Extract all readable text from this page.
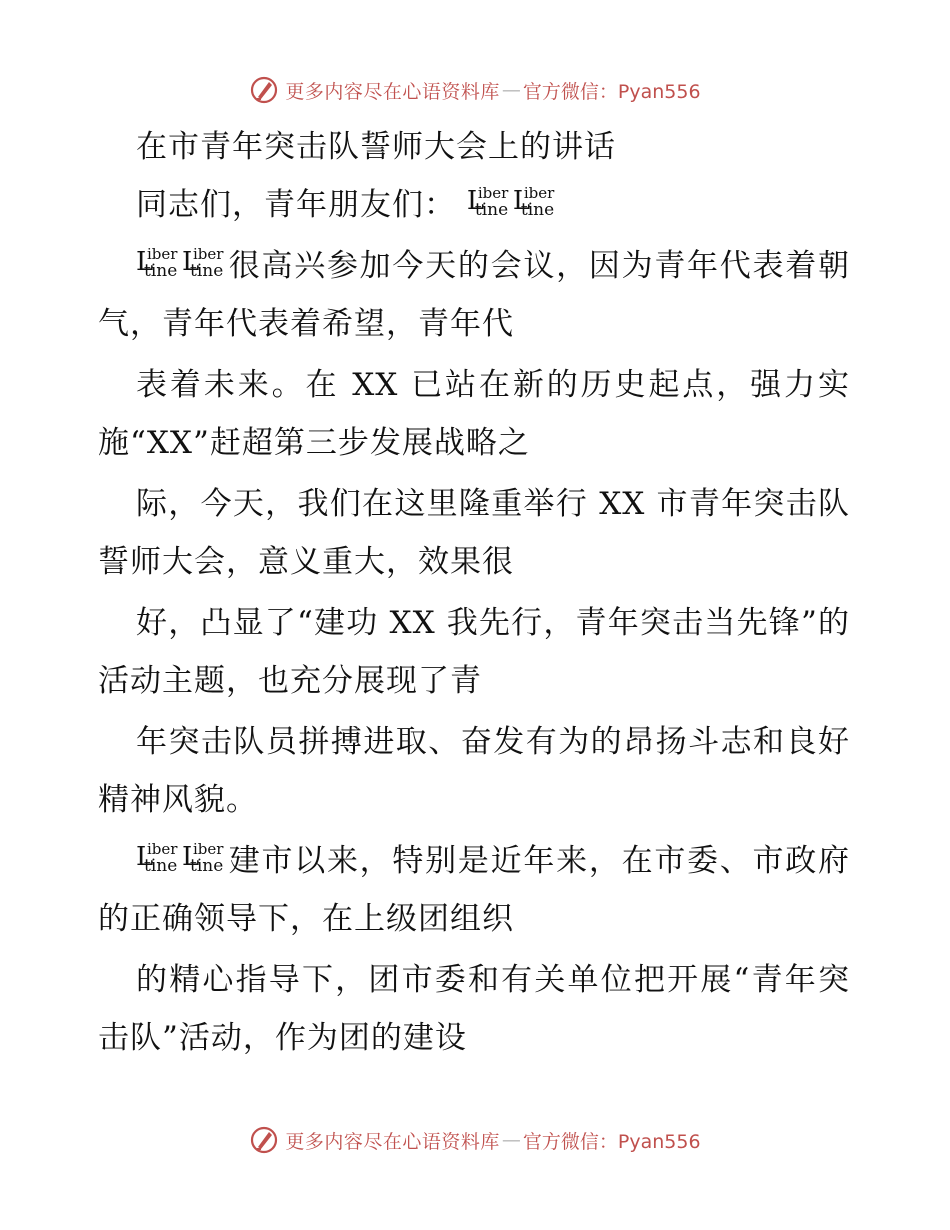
更多内容尽在心语资料库 — 官方微信：Pyan556

在市青年突击队誓师大会上的讲话

同志们，青年朋友们： L
iber
tine L
iber
tine

L
iber
tine L
iber
tine 很高兴参加今天的会议，因为青年代表着朝气，青年代表着希望，青年代

表着未来。在 XX 已站在新的历史起点，强力实施“XX”赶超第三步发展战略之

际，今天，我们在这里隆重举行 XX 市青年突击队誓师大会，意义重大，效果很

好，凸显了“建功 XX 我先行，青年突击当先锋”的活动主题，也充分展现了青

年突击队员拼搏进取、奋发有为的昂扬斗志和良好精神风貌。

L
iber
tine L
iber
tine 建市以来，特别是近年来，在市委、市政府的正确领导下，在上级团组织

的精心指导下，团市委和有关单位把开展“青年突击队”活动，作为团的建设

更多内容尽在心语资料库 — 官方微信：Pyan556
